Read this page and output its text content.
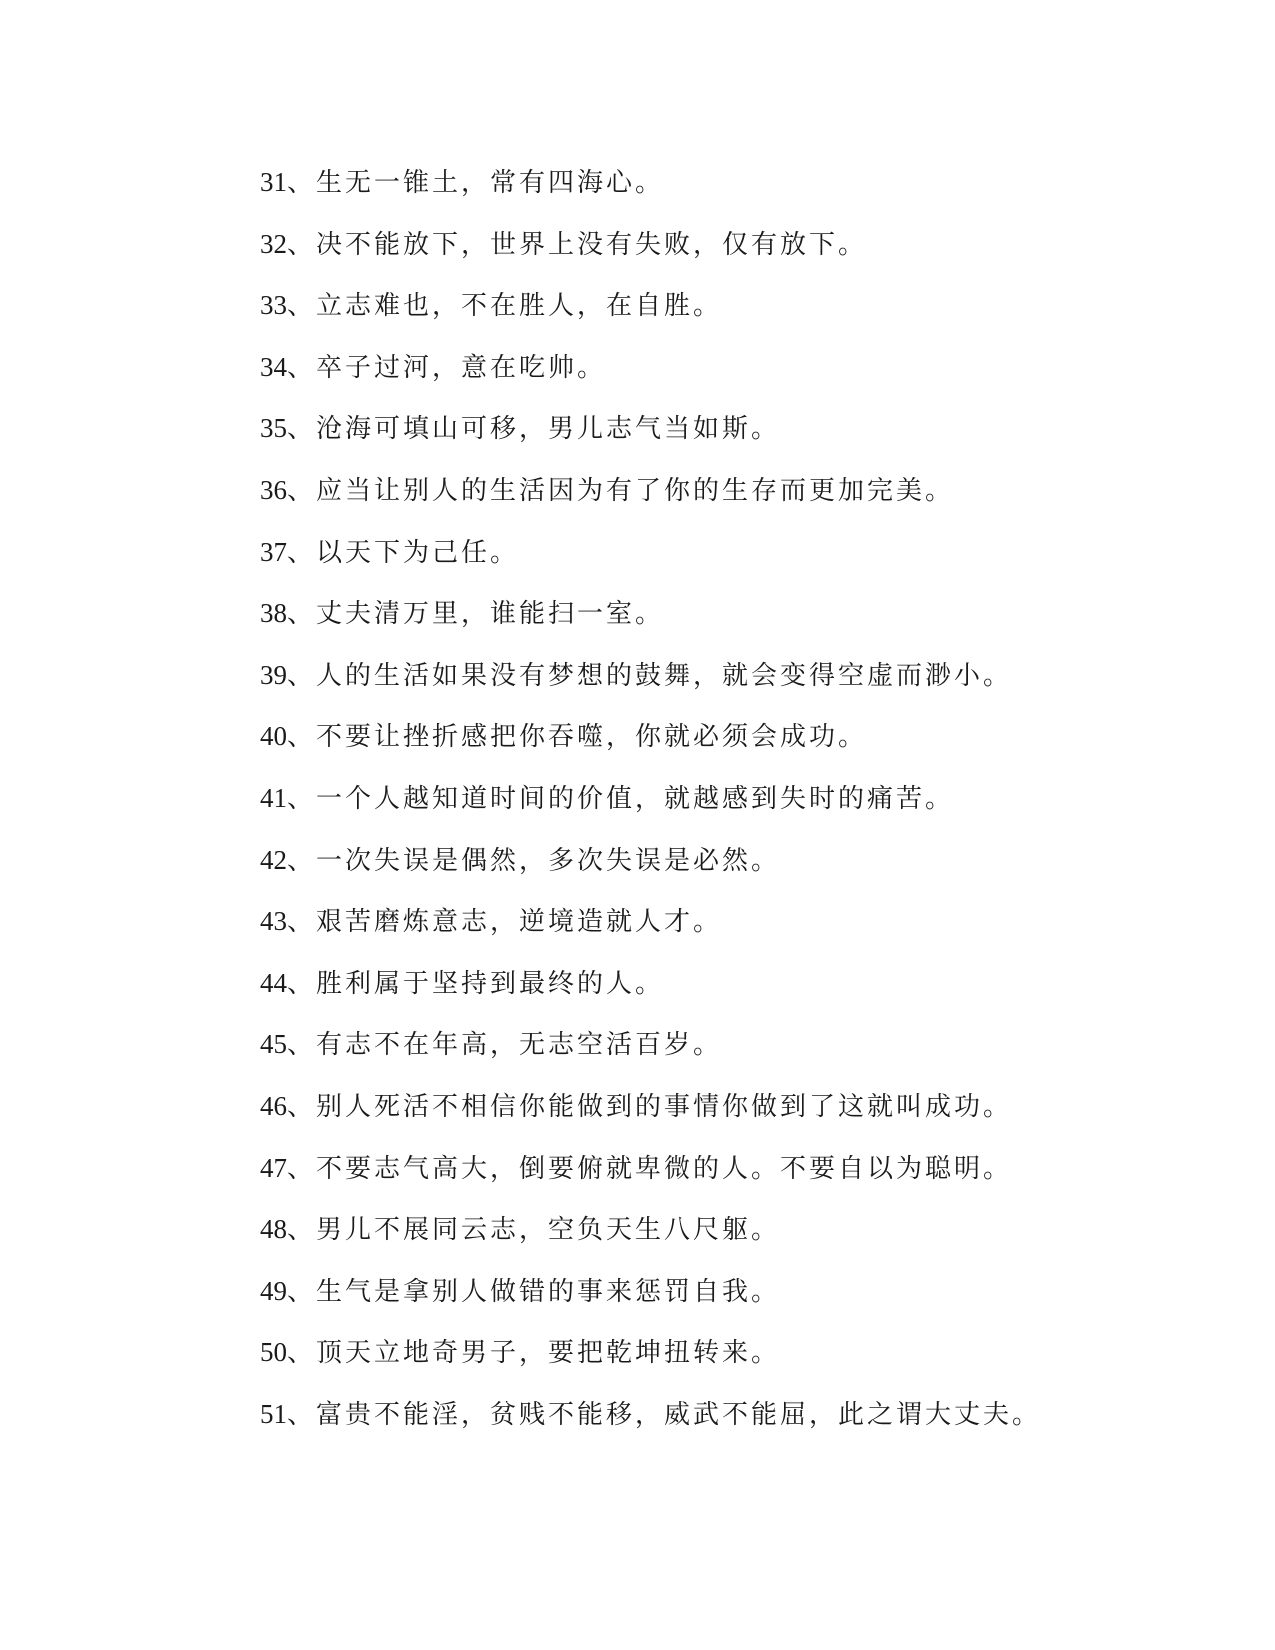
31、生无一锥土，常有四海心。
32、决不能放下，世界上没有失败，仅有放下。
33、立志难也，不在胜人，在自胜。
34、卒子过河，意在吃帅。
35、沧海可填山可移，男儿志气当如斯。
36、应当让别人的生活因为有了你的生存而更加完美。
37、以天下为己任。
38、丈夫清万里，谁能扫一室。
39、人的生活如果没有梦想的鼓舞，就会变得空虚而渺小。
40、不要让挫折感把你吞噬，你就必须会成功。
41、一个人越知道时间的价值，就越感到失时的痛苦。
42、一次失误是偶然，多次失误是必然。
43、艰苦磨炼意志，逆境造就人才。
44、胜利属于坚持到最终的人。
45、有志不在年高，无志空活百岁。
46、别人死活不相信你能做到的事情你做到了这就叫成功。
47、不要志气高大，倒要俯就卑微的人。不要自以为聪明。
48、男儿不展同云志，空负天生八尺躯。
49、生气是拿别人做错的事来惩罚自我。
50、顶天立地奇男子，要把乾坤扭转来。
51、富贵不能淫，贫贱不能移，威武不能屈，此之谓大丈夫。
